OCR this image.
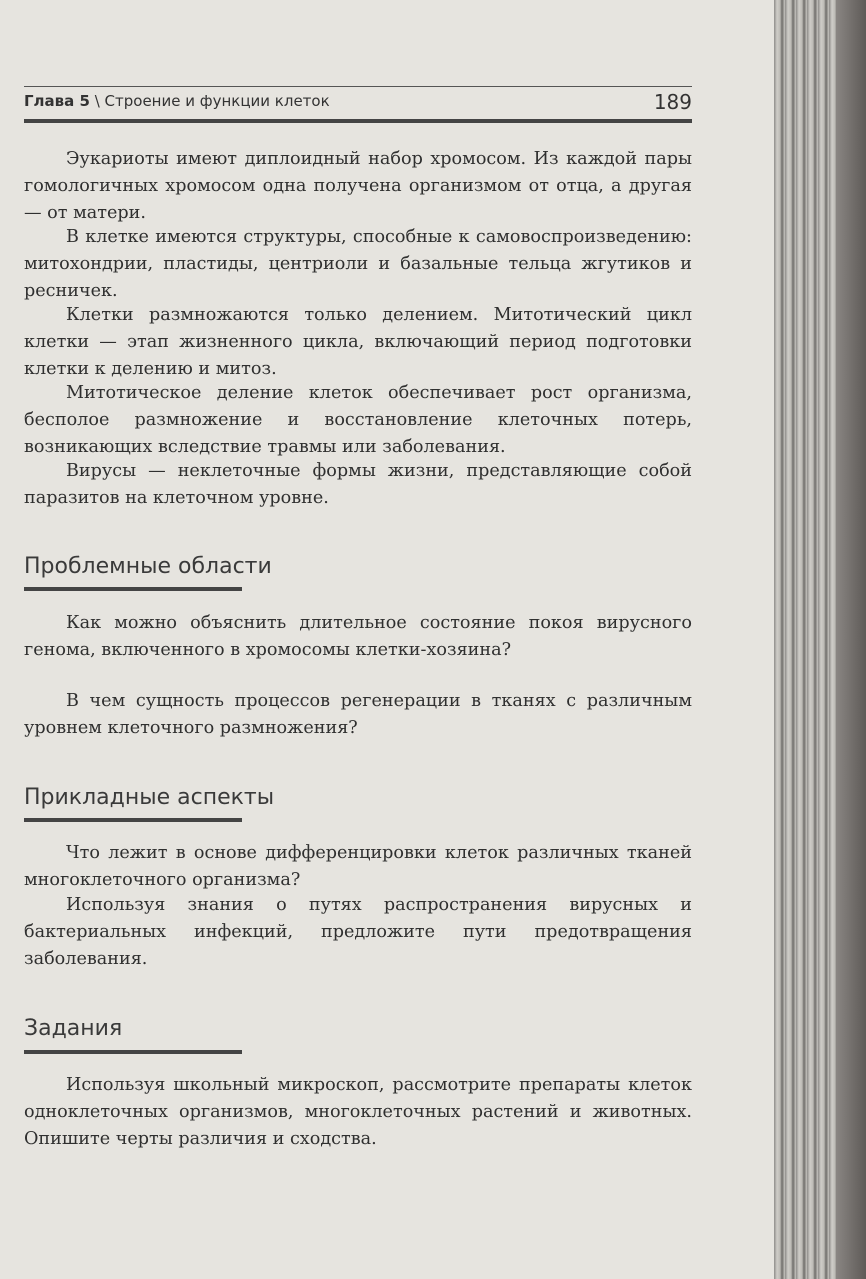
Глава 5 \ Строение и функции клеток	189

Эукариоты имеют диплоидный набор хромосом. Из каждой пары гомологичных хромосом одна получена организмом от отца, а другая — от матери.

В клетке имеются структуры, способные к самовоспроизведению: митохондрии, пластиды, центриоли и базальные тельца жгутиков и ресничек.

Клетки размножаются только делением. Митотический цикл клетки — этап жизненного цикла, включающий период подготовки клетки к делению и митоз.

Митотическое деление клеток обеспечивает рост организма, бесполое размножение и восстановление клеточных потерь, возникающих вследствие травмы или заболевания.

Вирусы — неклеточные формы жизни, представляющие собой паразитов на клеточном уровне.

Проблемные области

Как можно объяснить длительное состояние покоя вирусного генома, включенного в хромосомы клетки-хозяина?

В чем сущность процессов регенерации в тканях с различным уровнем клеточного размножения?

Прикладные аспекты

Что лежит в основе дифференцировки клеток различных тканей многоклеточного организма?

Используя знания о путях распространения вирусных и бактериальных инфекций, предложите пути предотвращения заболевания.

Задания

Используя школьный микроскоп, рассмотрите препараты клеток одноклеточных организмов, многоклеточных растений и животных. Опишите черты различия и сходства.
